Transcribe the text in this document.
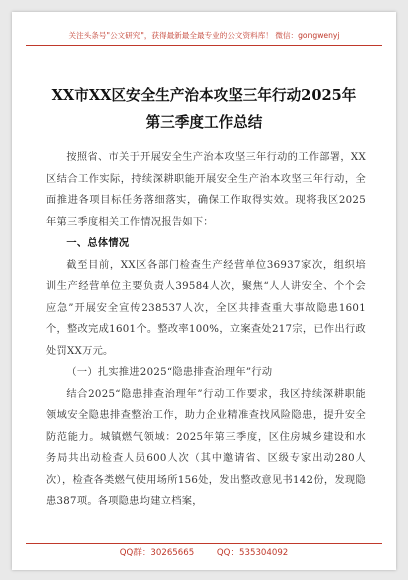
关注头条号"公文研究"，获得最新最全最专业的公文资料库！ 微信：gongwenyj
XX市XX区安全生产治本攻坚三年行动2025年第三季度工作总结

按照省、市关于开展安全生产治本攻坚三年行动的工作部署，XX区结合工作实际，持续深耕职能开展安全生产治本攻坚三年行动，全面推进各项目标任务落细落实，确保工作取得实效。现将我区2025年第三季度相关工作情况报告如下：

一、总体情况

截至目前，XX区各部门检查生产经营单位36937家次，组织培训生产经营单位主要负责人39584人次，聚焦“人人讲安全、个个会应急”开展安全宣传238537人次，全区共排查重大事故隐患1601个，整改完成1601个。整改率100%，立案查处217宗，已作出行政处罚XX万元。

（一）扎实推进2025“隐患排查治理年”行动

结合2025“隐患排查治理年”行动工作要求，我区持续深耕职能领域安全隐患排查整治工作，助力企业精准查找风险隐患，提升安全防范能力。城镇燃气领域：2025年第三季度，区住房城乡建设和水务局共出动检查人员600人次（其中邀请省、区级专家出动280人次），检查各类燃气使用场所156处，发出整改意见书142份，发现隐患387项。各项隐患均建立档案，

QQ群：30265665	QQ：535304092
